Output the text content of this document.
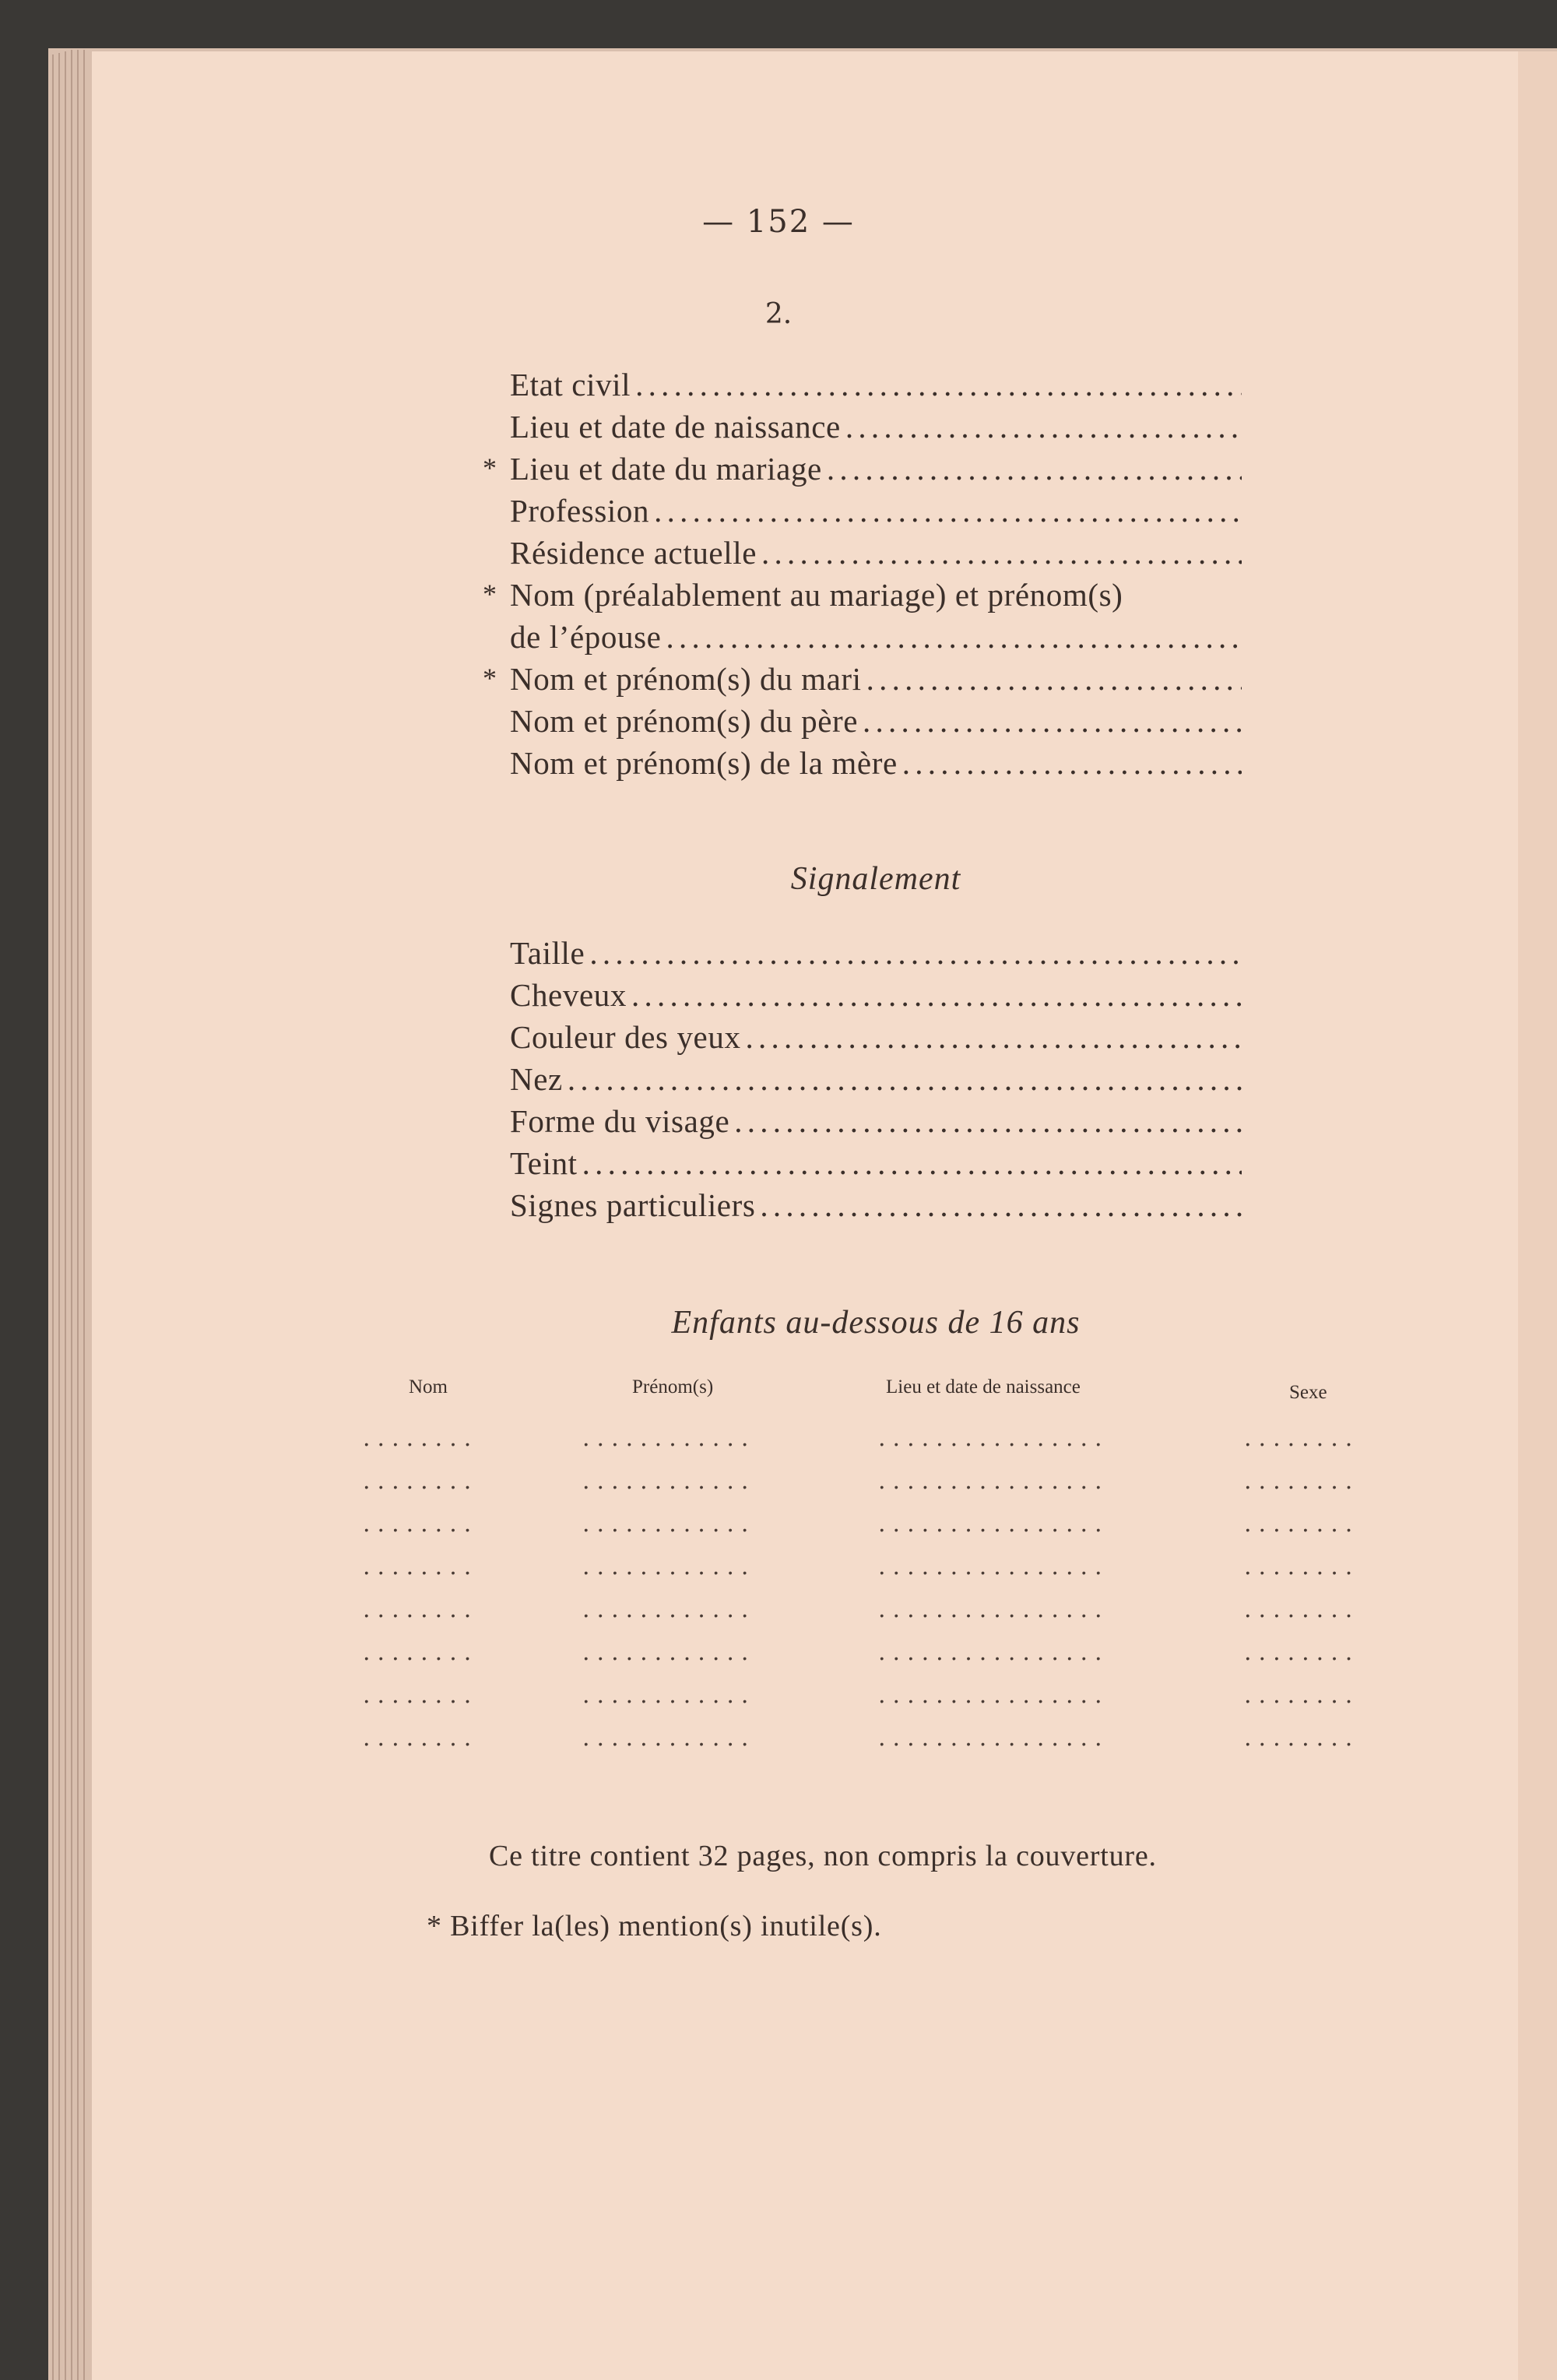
— 152 —
2.
Etat civil
. . .
Lieu et date de naissance
. . .
* Lieu et date du mariage
. . .
Profession
. . .
Résidence actuelle
. . .
* Nom (préalablement au mariage) et prénom(s)
de l’épouse
. . .
* Nom et prénom(s) du mari
. . .
Nom et prénom(s) du père
. . .
Nom et prénom(s) de la mère
. . .
Signalement
Taille
. . .
Cheveux
. . .
Couleur des yeux
. . .
Nez
. . .
Forme du visage
. . .
Teint
. . .
Signes particuliers
. . .
Enfants au-dessous de 16 ans
Nom	Prénom(s)	Lieu et date de naissance	Sexe
........	............	................	........
........	............	................	........
........	............	................	........
........	............	................	........
........	............	................	........
........	............	................	........
........	............	................	........
........	............	................	........
Ce titre contient 32 pages, non compris la couverture.
* Biffer la(les) mention(s) inutile(s).
